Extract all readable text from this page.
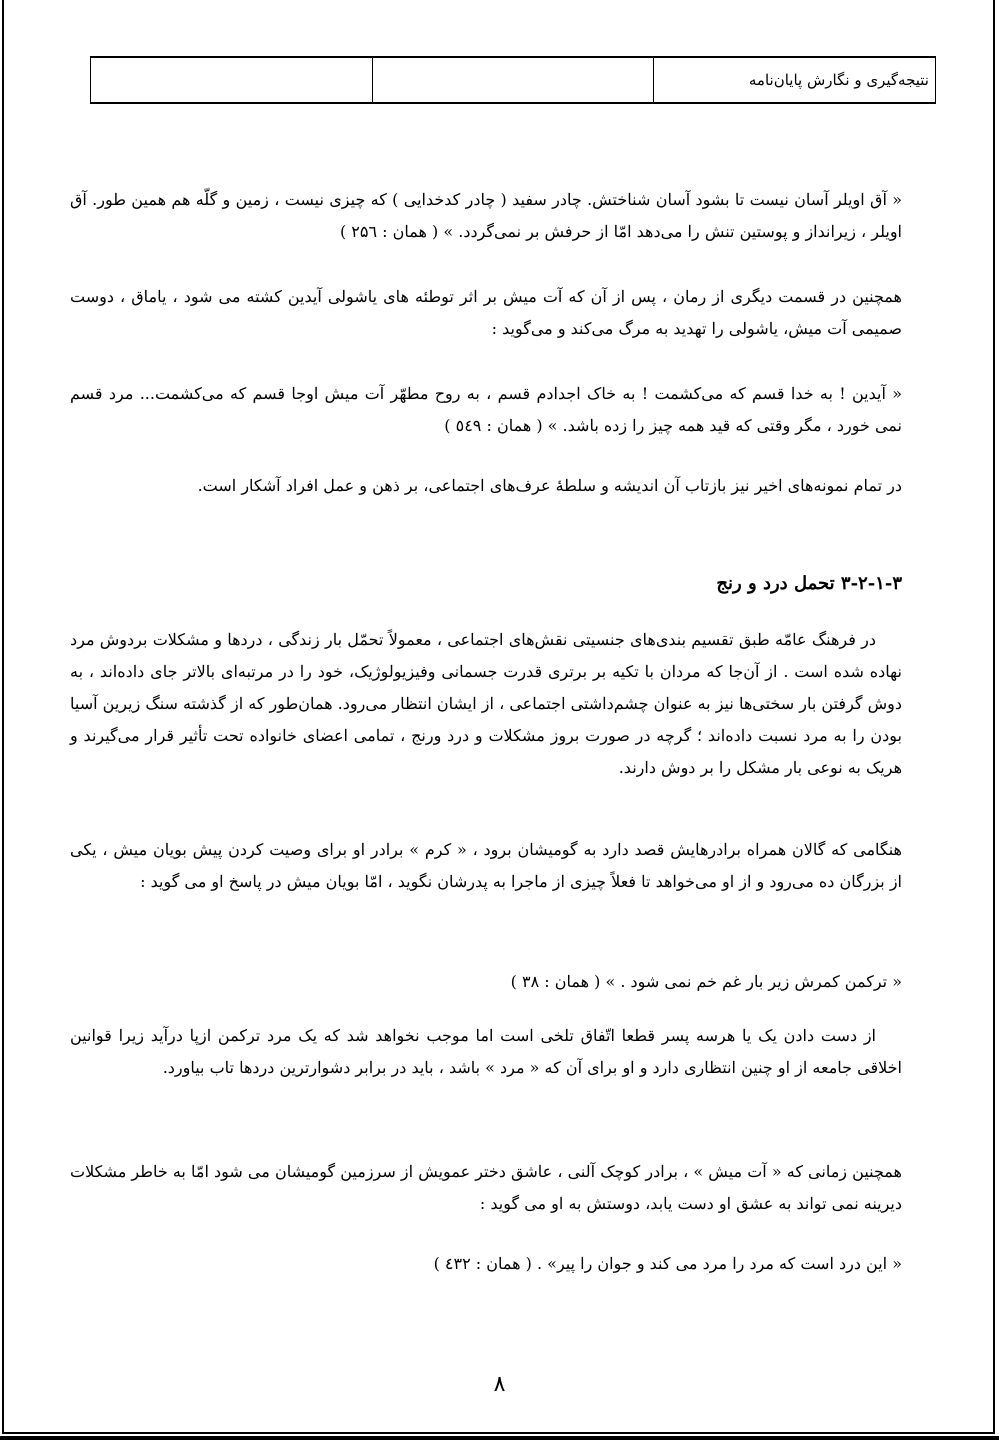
نتیجه‌گیری و نگارش پایان‌نامه		
« آق اویلر آسان نیست تا بشود آسان شناختش. چادر سفید ( چادر کدخدایی ) که چیزی نیست ، زمین و گلّه هم همین طور. آق اویلر ، زیرانداز و پوستین تنش را می‌دهد امّا از حرفش بر نمی‌گردد. » ( همان : ۲۵٦ )
همچنین در قسمت دیگری از رمان ، پس از آن که آت میش بر اثر توطئه های یاشولی آیدین کشته می شود ، یاماق ، دوست صمیمی آت میش، یاشولی را تهدید به مرگ می‌کند و می‌گوید :
« آیدین ! به خدا قسم که می‌کشمت ! به خاک اجدادم قسم ، به روح مطهّر آت میش اوجا قسم که می‌کشمت... مرد قسم نمی خورد ، مگر وقتی که قید همه چیز را زده باشد. » ( همان : ٥٤٩ )
در تمام نمونه‌های اخیر نیز بازتاب آن اندیشه و سلطهٔ عرف‌های اجتماعی، بر ذهن و عمل افراد آشکار است.
۳-۲-۱-۳ تحمل درد و رنج
در فرهنگ عامّه طبق تقسیم بندی‌های جنسیتی نقش‌های اجتماعی ، معمولاً تحمّل بار زندگی ، دردها و مشکلات بردوش مرد نهاده شده است . از آن‌جا که مردان با تکیه بر برتری قدرت جسمانی وفیزیولوژیک، خود را در مرتبه‌ای بالاتر جای داده‌اند ، به دوش گرفتن بار سختی‌ها نیز به عنوان چشم‌داشتی اجتماعی ، از ایشان انتظار می‌رود. همان‌طور که از گذشته سنگ زیرین آسیا بودن را به مرد نسبت داده‌اند ؛ گرچه در صورت بروز مشکلات و درد ورنج ، تمامی اعضای خانواده تحت تأثیر قرار می‌گیرند و هریک به نوعی بار مشکل را بر دوش دارند.
هنگامی که گالان همراه برادرهایش قصد دارد به گومیشان برود ، « کرم » برادر او برای وصیت کردن پیش بویان میش ، یکی از بزرگان ده می‌رود و از او می‌خواهد تا فعلاً چیزی از ماجرا به پدرشان نگوید ، امّا بویان میش در پاسخ او می گوید :
« ترکمن کمرش زیر بار غم خم نمی شود . » ( همان : ۳۸ )
از دست دادن یک یا هرسه پسر قطعا اتّفاق تلخی است اما موجب نخواهد شد که یک مرد ترکمن ازپا درآید زیرا قوانین اخلاقی جامعه از او چنین انتظاری دارد و او برای آن که « مرد » باشد ، باید در برابر دشوارترین دردها تاب بیاورد.
همچنین زمانی که « آت میش » ، برادر کوچک آلنی ، عاشق دختر عمویش از سرزمین گومیشان می شود امّا به خاطر مشکلات دیرینه نمی تواند به عشق او دست یابد، دوستش به او می گوید :
« این درد است که مرد را مرد می کند و جوان را پیر» . ( همان : ٤۳۲ )
۸
